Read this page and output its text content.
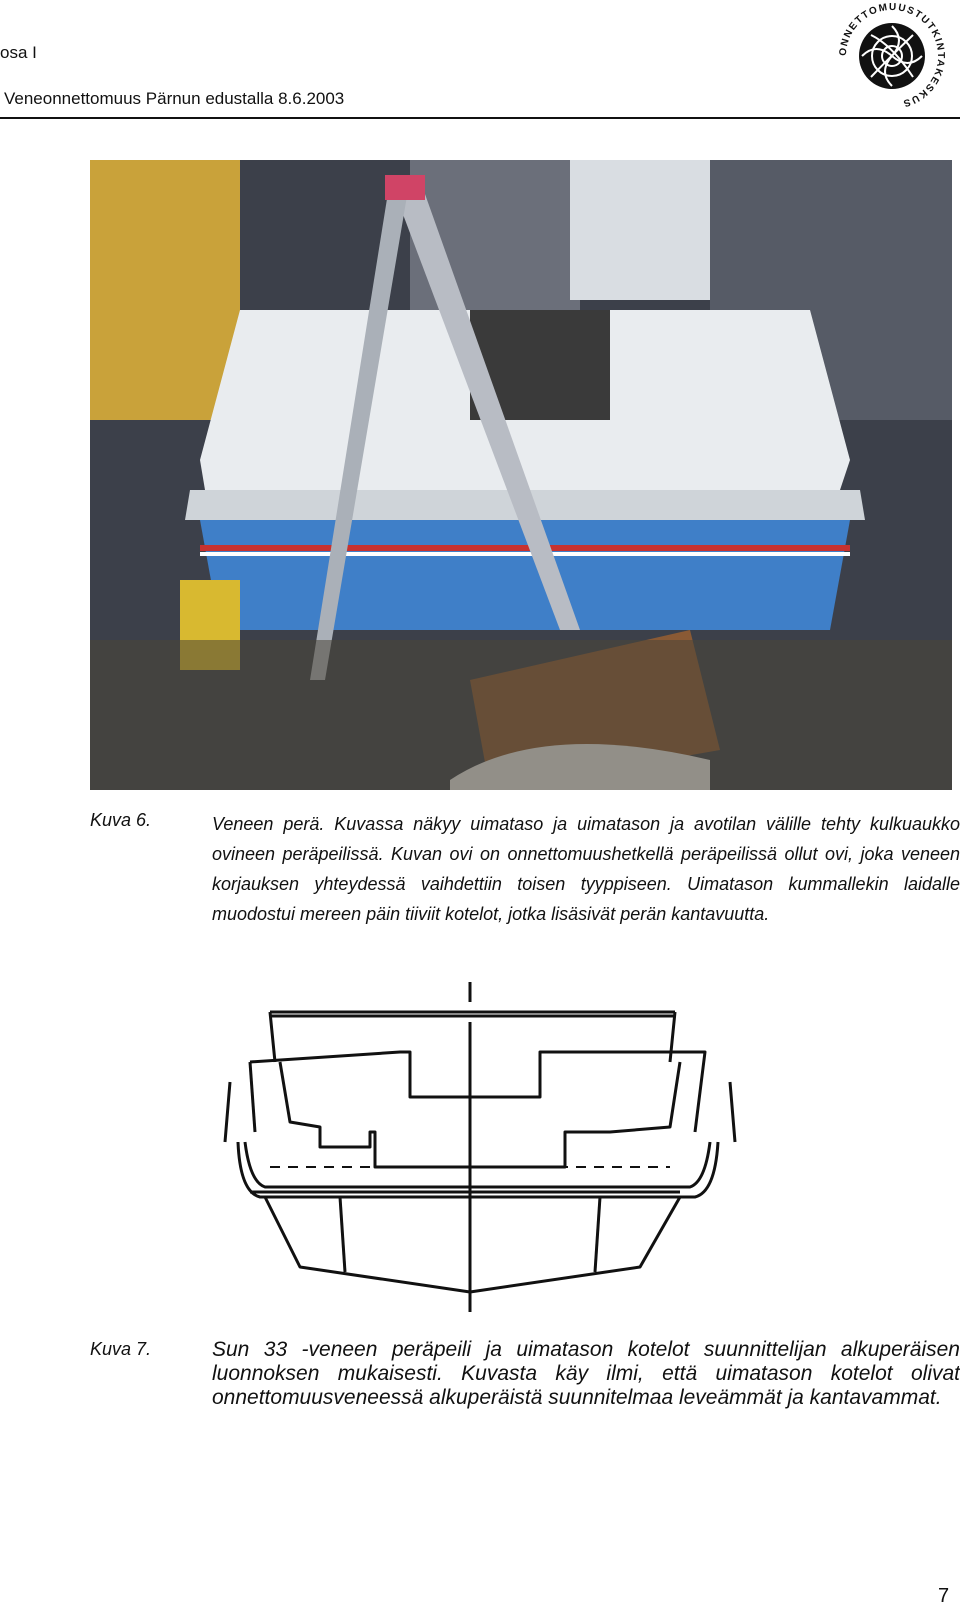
osa I
Veneonnettomuus Pärnun edustalla 8.6.2003
ONNETTOMUUSTUTKINTAKESKUS
Kuva 6.	Veneen perä. Kuvassa näkyy uimataso ja uimatason ja avotilan välille tehty kulkuaukko ovineen peräpeilissä. Kuvan ovi on onnettomuushetkellä peräpeilissä ollut ovi, joka veneen korjauksen yhteydessä vaihdettiin toisen tyyppiseen. Uimatason kummallekin laidalle muodostui mereen päin tiiviit kotelot, jotka lisäsivät perän kantavuutta.
Kuva 7.	Sun 33 -veneen peräpeili ja uimatason kotelot suunnittelijan alkuperäisen luonnoksen mukaisesti. Kuvasta käy ilmi, että uimatason kotelot olivat onnettomuusveneessä alkuperäistä suunnitelmaa leveämmät ja kantavammat.
7
